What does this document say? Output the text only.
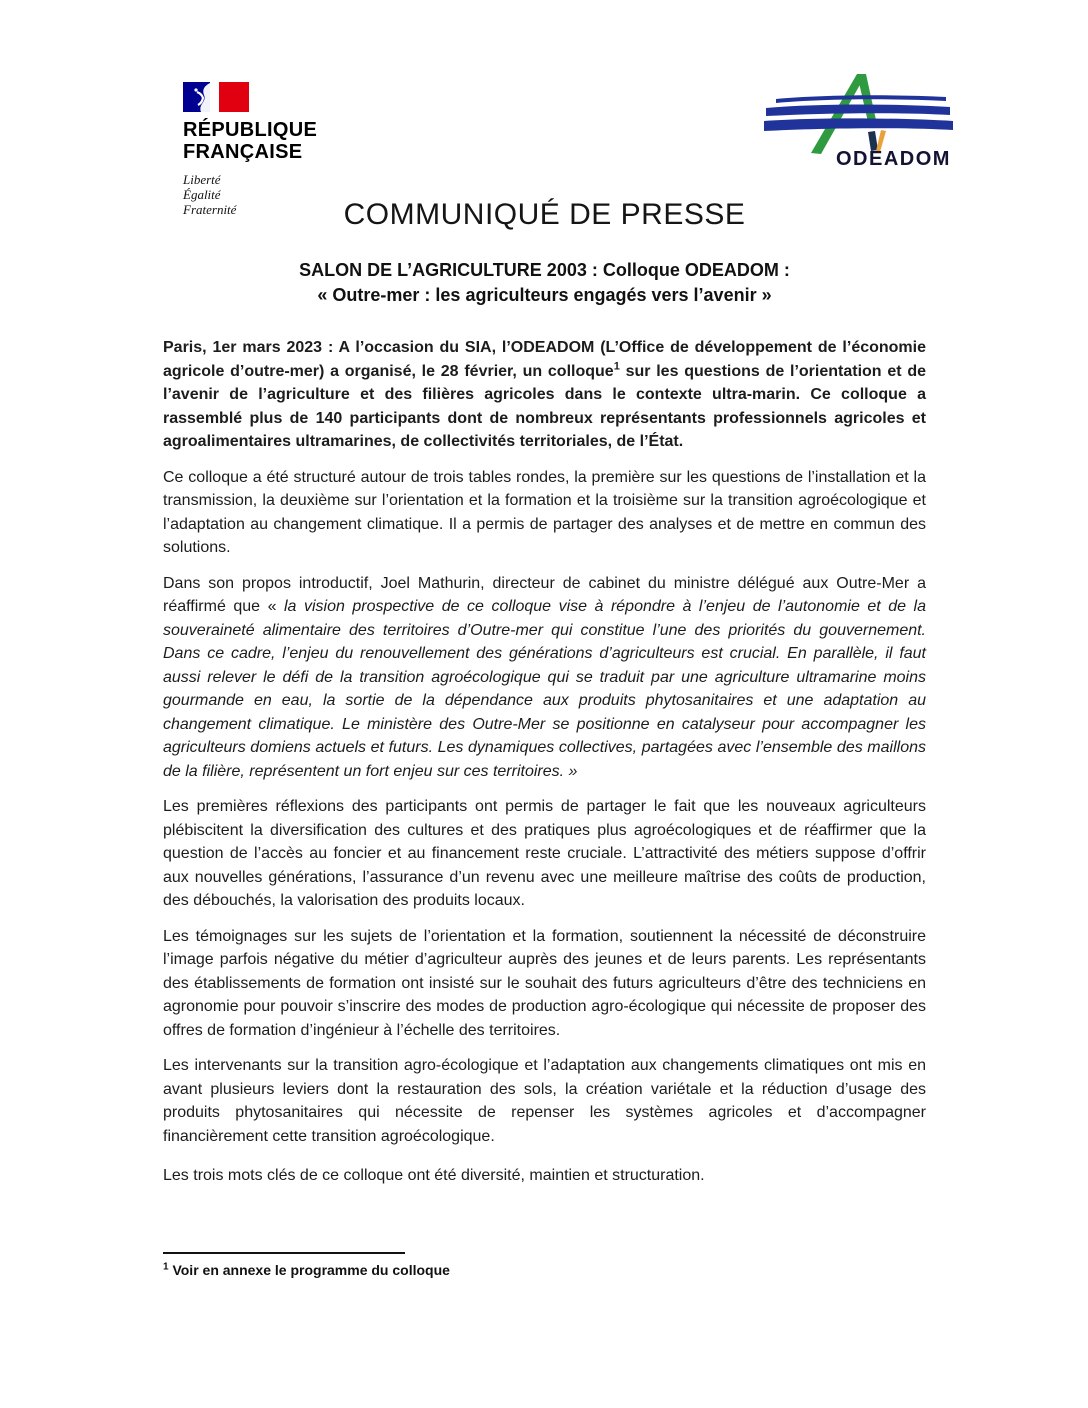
RÉPUBLIQUE
FRANÇAISE
Liberté
Égalité
Fraternité
ODEADOM
COMMUNIQUÉ DE PRESSE
SALON DE L’AGRICULTURE 2003 : Colloque ODEADOM :
« Outre-mer : les agriculteurs engagés vers l’avenir »

Paris, 1er mars 2023 : A l’occasion du SIA, l’ODEADOM (L’Office de développement de l’économie agricole d’outre-mer) a organisé, le 28 février, un colloque$^1$ sur les questions de l’orientation et de l’avenir de l’agriculture et des filières agricoles dans le contexte ultra-marin. Ce colloque a rassemblé plus de 140 participants dont de nombreux représentants professionnels agricoles et agroalimentaires ultramarines, de collectivités territoriales, de l’État.

Ce colloque a été structuré autour de trois tables rondes, la première sur les questions de l’installation et la transmission, la deuxième sur l’orientation et la formation et la troisième sur la transition agroécologique et l’adaptation au changement climatique. Il a permis de partager des analyses et de mettre en commun des solutions.

Dans son propos introductif, Joel Mathurin, directeur de cabinet du ministre délégué aux Outre-Mer a réaffirmé que « la vision prospective de ce colloque vise à répondre à l’enjeu de l’autonomie et de la souveraineté alimentaire des territoires d’Outre-mer qui constitue l’une des priorités du gouvernement. Dans ce cadre, l’enjeu du renouvellement des générations d’agriculteurs est crucial. En parallèle, il faut aussi relever le défi de la transition agroécologique qui se traduit par une agriculture ultramarine moins gourmande en eau, la sortie de la dépendance aux produits phytosanitaires et une adaptation au changement climatique. Le ministère des Outre-Mer se positionne en catalyseur pour accompagner les agriculteurs domiens actuels et futurs. Les dynamiques collectives, partagées avec l’ensemble des maillons de la filière, représentent un fort enjeu sur ces territoires. »

Les premières réflexions des participants ont permis de partager le fait que les nouveaux agriculteurs plébiscitent la diversification des cultures et des pratiques plus agroécologiques et de réaffirmer que la question de l’accès au foncier et au financement reste cruciale. L’attractivité des métiers suppose d’offrir aux nouvelles générations, l’assurance d’un revenu avec une meilleure maîtrise des coûts de production, des débouchés, la valorisation des produits locaux.

Les témoignages sur les sujets de l’orientation et la formation, soutiennent la nécessité de déconstruire l’image parfois négative du métier d’agriculteur auprès des jeunes et de leurs parents. Les représentants des établissements de formation ont insisté sur le souhait des futurs agriculteurs d’être des techniciens en agronomie pour pouvoir s’inscrire des modes de production agro-écologique qui nécessite de proposer des offres de formation d’ingénieur à l’échelle des territoires.

Les intervenants sur la transition agro-écologique et l’adaptation aux changements climatiques ont mis en avant plusieurs leviers dont la restauration des sols, la création variétale et la réduction d’usage des produits phytosanitaires qui nécessite de repenser les systèmes agricoles et d’accompagner financièrement cette transition agroécologique.

Les trois mots clés de ce colloque ont été diversité, maintien et structuration.

$^1$ Voir en annexe le programme du colloque
